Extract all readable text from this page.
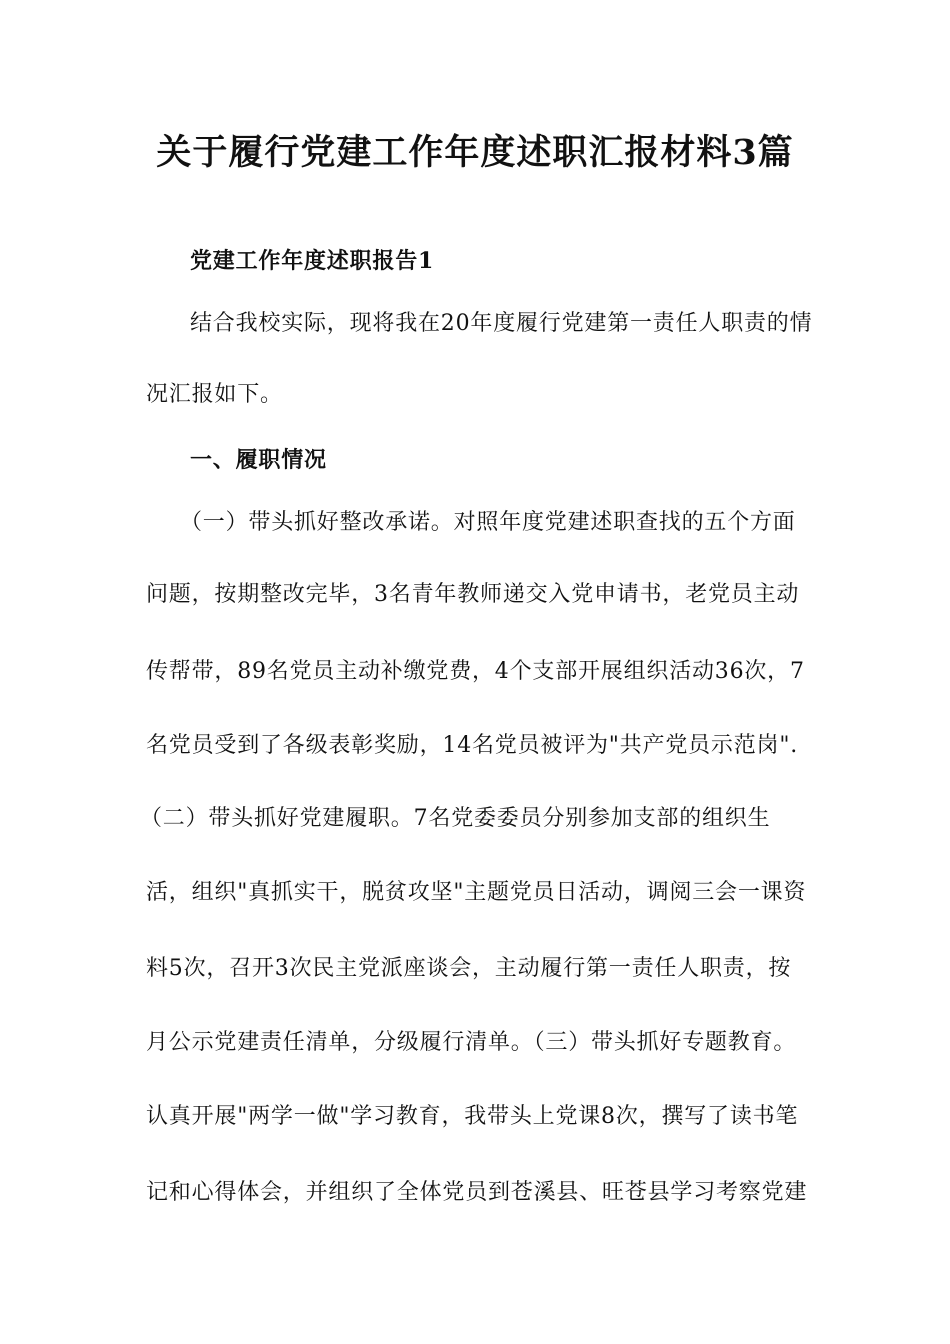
关于履行党建工作年度述职汇报材料3篇
党建工作年度述职报告1
结合我校实际，现将我在20年度履行党建第一责任人职责的情
况汇报如下。
一、履职情况
（一）带头抓好整改承诺。对照年度党建述职查找的五个方面
问题，按期整改完毕，3名青年教师递交入党申请书，老党员主动
传帮带，89名党员主动补缴党费，4个支部开展组织活动36次，7
名党员受到了各级表彰奖励，14名党员被评为"共产党员示范岗".
（二）带头抓好党建履职。7名党委委员分别参加支部的组织生
活，组织"真抓实干，脱贫攻坚"主题党员日活动，调阅三会一课资
料5次，召开3次民主党派座谈会，主动履行第一责任人职责，按
月公示党建责任清单，分级履行清单。（三）带头抓好专题教育。
认真开展"两学一做"学习教育，我带头上党课8次，撰写了读书笔
记和心得体会，并组织了全体党员到苍溪县、旺苍县学习考察党建
